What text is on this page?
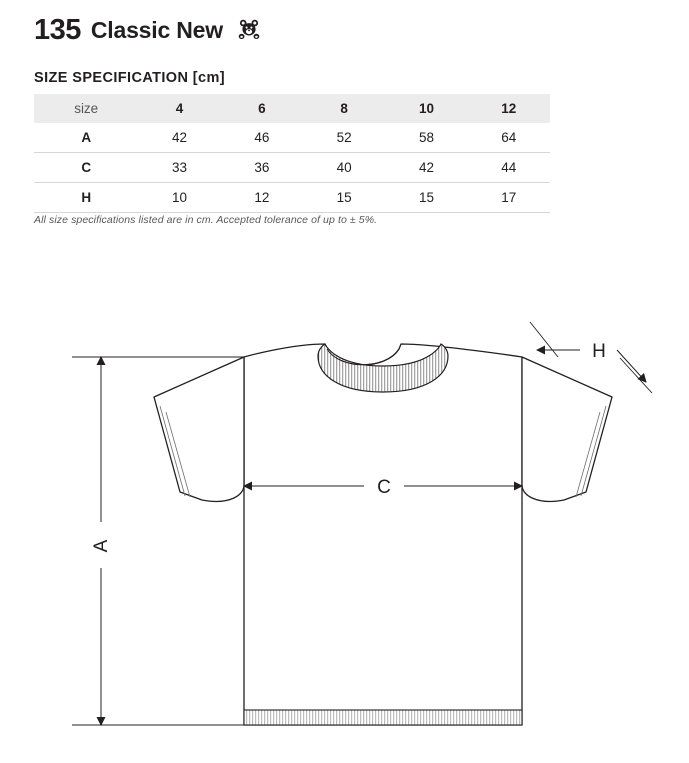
135 Classic New
SIZE SPECIFICATION [cm]
size	4	6	8	10	12
A	42	46	52	58	64
C	33	36	40	42	44
H	10	12	15	15	17
All size specifications listed are in cm. Accepted tolerance of up to ± 5%.
A
C
H
